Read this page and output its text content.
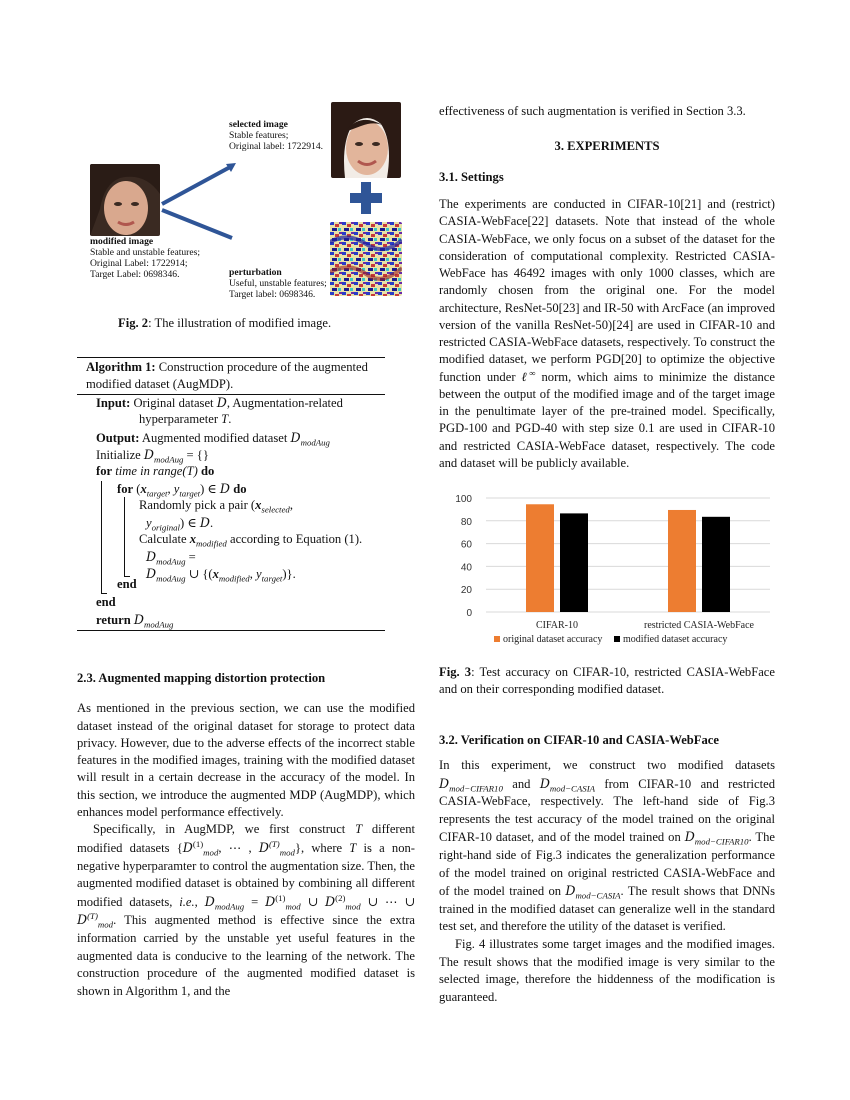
selected image
Stable features;
Original label: 1722914.
modified image
Stable and unstable features;
Original Label: 1722914;
Target Label: 0698346.	perturbation
Useful, unstable features;
Target label: 0698346.
Fig. 2: The illustration of modified image.
Algorithm 1: Construction procedure of the augmented modified dataset (AugMDP).
Input: Original dataset D, Augmentation-related
hyperparameter T.
Output: Augmented modified dataset $D_{modAug}$
Initialize $D_{modAug}$ = {}
for time in range(T) do
for ($x_{target}$, $y_{target}$) ∈ D do
Randomly pick a pair ($x_{selected}$,
$y_{original}$) ∈ D.
Calculate $x_{modified}$ according to Equation (1).
$D_{modAug}$ =
$D_{modAug}$ ∪ {($x_{modified}$, $y_{target}$)}.
end
end
return $D_{modAug}$
2.3. Augmented mapping distortion protection

As mentioned in the previous section, we can use the modified dataset instead of the original dataset for storage to protect data privacy. However, due to the adverse effects of the incorrect stable features in the modified images, training with the modified dataset will result in a certain decrease in the accuracy of the model. In this section, we introduce the augmented MDP (AugMDP), which enhances model performance effectively.

Specifically, in AugMDP, we first construct T different modified datasets {$D^{(1)}_{mod}$, ⋯ , $D^{(T)}_{mod}$}, where T is a non-negative hyperparamter to control the augmentation size. Then, the augmented modified dataset is obtained by combining all different modified datasets, i.e., $D_{modAug} = D^{(1)}_{mod}$ ∪ $D^{(2)}_{mod}$ ∪ ⋯ ∪ $D^{(T)}_{mod}$. This augmented method is effective since the extra information carried by the unstable yet useful features in the augmented data is conducive to the learning of the network. The construction procedure of the augmented modified dataset is shown in Algorithm 1, and the

effectiveness of such augmentation is verified in Section 3.3.

3. EXPERIMENTS
3.1. Settings

The experiments are conducted in CIFAR-10[21] and (restrict) CASIA-WebFace[22] datasets. Note that instead of the whole CASIA-WebFace, we only focus on a subset of the dataset for the consideration of computational complexity. Restricted CASIA-WebFace has 46492 images with only 1000 classes, which are randomly chosen from the original one. For the model architecture, ResNet-50[23] and IR-50 with ArcFace (an improved version of the vanilla ResNet-50)[24] are used in CIFAR-10 and restricted CASIA-WebFace datasets, respectively. To construct the modified dataset, we perform PGD[20] to optimize the objective function under ℓ∞ norm, which aims to minimize the distance between the output of the modified image and of the target image in the penultimate layer of the pre-trained model. Specifically, PGD-100 and PGD-40 with step size 0.1 are used in CIFAR-10 and restricted CASIA-WebFace dataset, respectively. The code and dataset will be publicly available.

0
20
40
60
80
100
CIFAR-10	restricted CASIA-WebFace
original dataset accuracy modified dataset accuracy
Fig. 3: Test accuracy on CIFAR-10, restricted CASIA-WebFace and on their corresponding modified dataset.
3.2. Verification on CIFAR-10 and CASIA-WebFace

In this experiment, we construct two modified datasets $D_{mod-CIFAR10}$ and $D_{mod-CASIA}$ from CIFAR-10 and restricted CASIA-WebFace, respectively. The left-hand side of Fig.3 represents the test accuracy of the model trained on the original CIFAR-10 dataset, and of the model trained on $D_{mod-CIFAR10}$. The right-hand side of Fig.3 indicates the generalization performance of the model trained on original restricted CASIA-WebFace and of the model trained on $D_{mod-CASIA}$. The result shows that DNNs trained in the modified dataset can generalize well in the standard test set, and therefore the utility of the dataset is verified.

Fig. 4 illustrates some target images and the modified images. The result shows that the modified image is very similar to the selected image, therefore the hiddenness of the modification is guaranteed.
